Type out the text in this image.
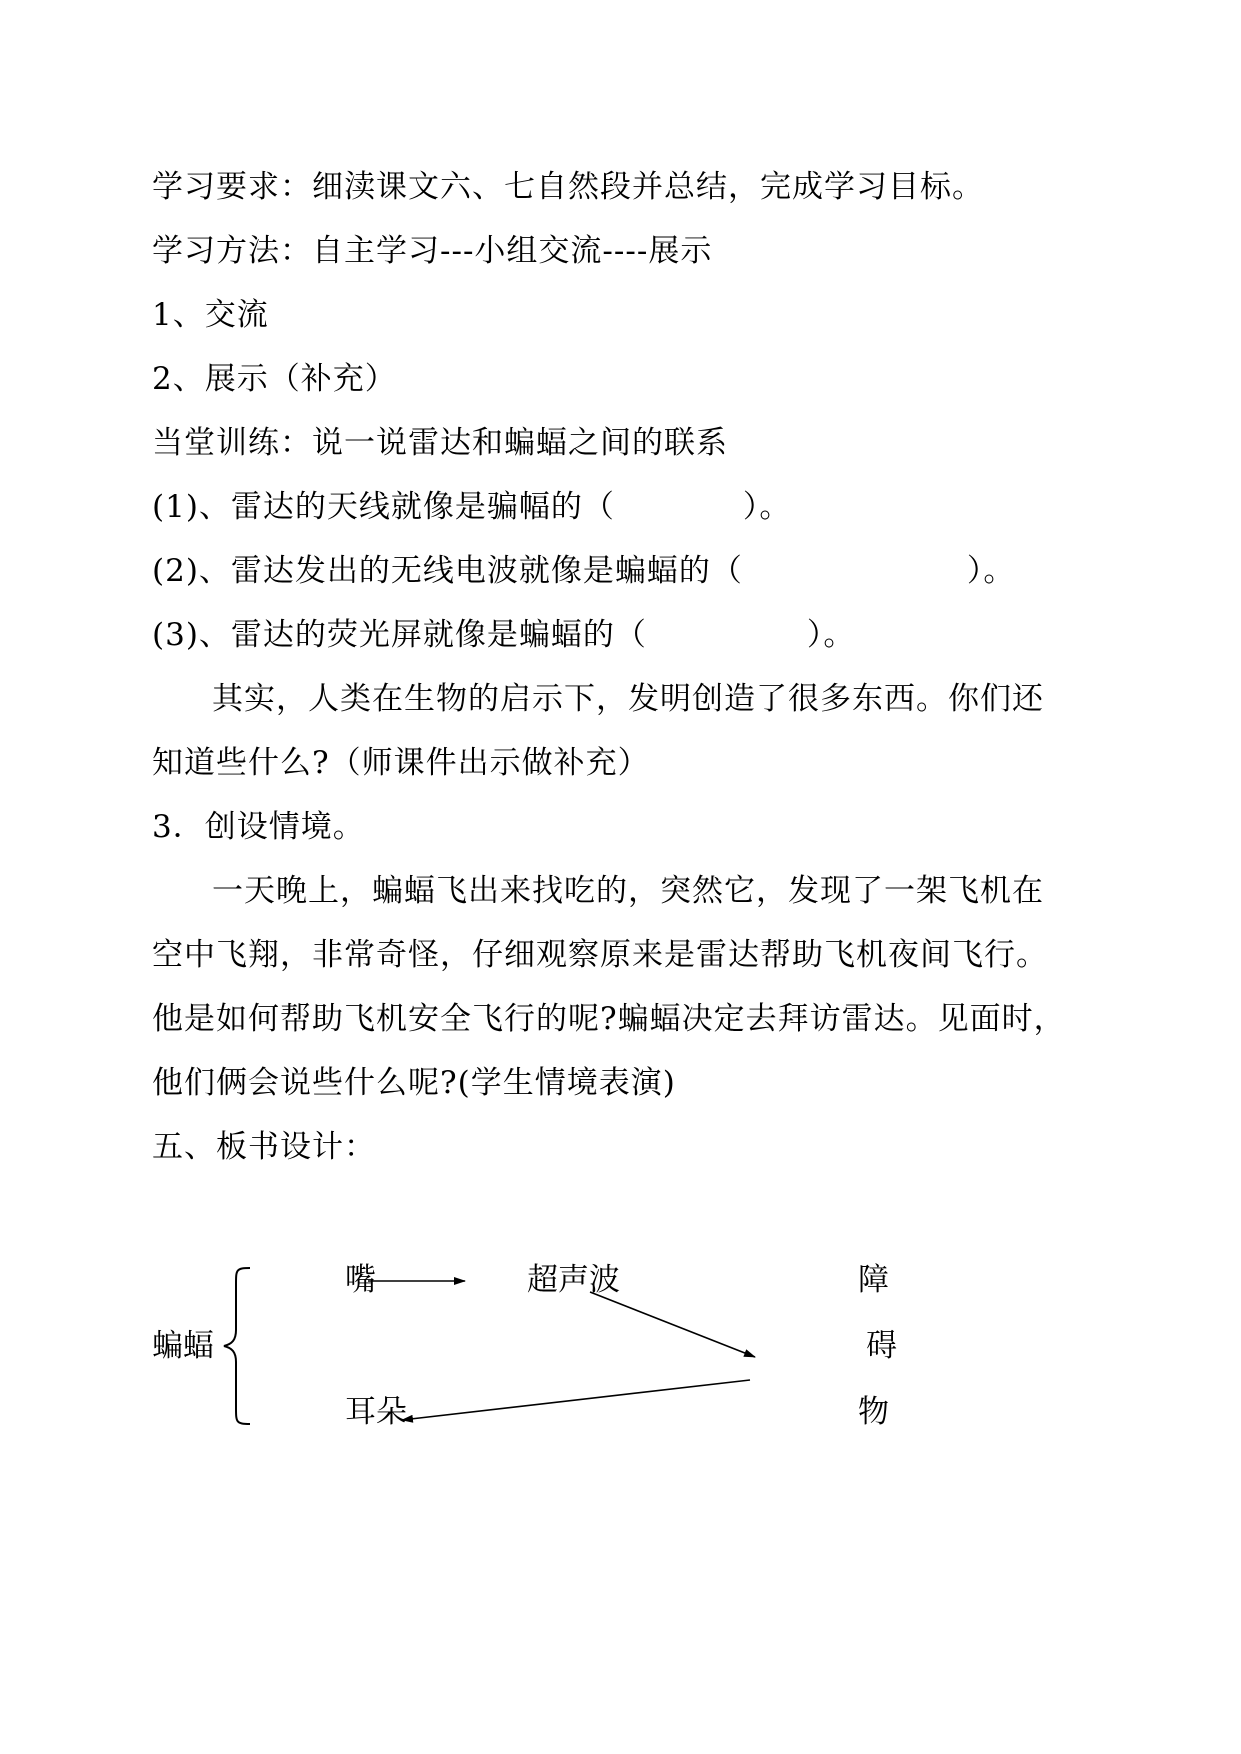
学习要求：细渎课文六、七自然段并总结，完成学习目标。
学习方法：自主学习---小组交流----展示
1、交流
2、展示（补充）
当堂训练：说一说雷达和蝙蝠之间的联系
(1)、雷达的天线就像是骗幅的（　　　　）。
(2)、雷达发出的无线电波就像是蝙蝠的（　　　　　　　）。
(3)、雷达的荧光屏就像是蝙蝠的（　　　　　）。
其实，人类在生物的启示下，发明创造了很多东西。你们还
知道些什么?（师课件出示做补充）
3．创设情境。
一天晚上，蝙蝠飞出来找吃的，突然它，发现了一架飞机在
空中飞翔，非常奇怪，仔细观察原来是雷达帮助飞机夜间飞行。
他是如何帮助飞机安全飞行的呢?蝙蝠决定去拜访雷达。见面时，
他们俩会说些什么呢?(学生情境表演)
五、板书设计：
蝙蝠
嘴	超声波
耳朵
障
碍
物
